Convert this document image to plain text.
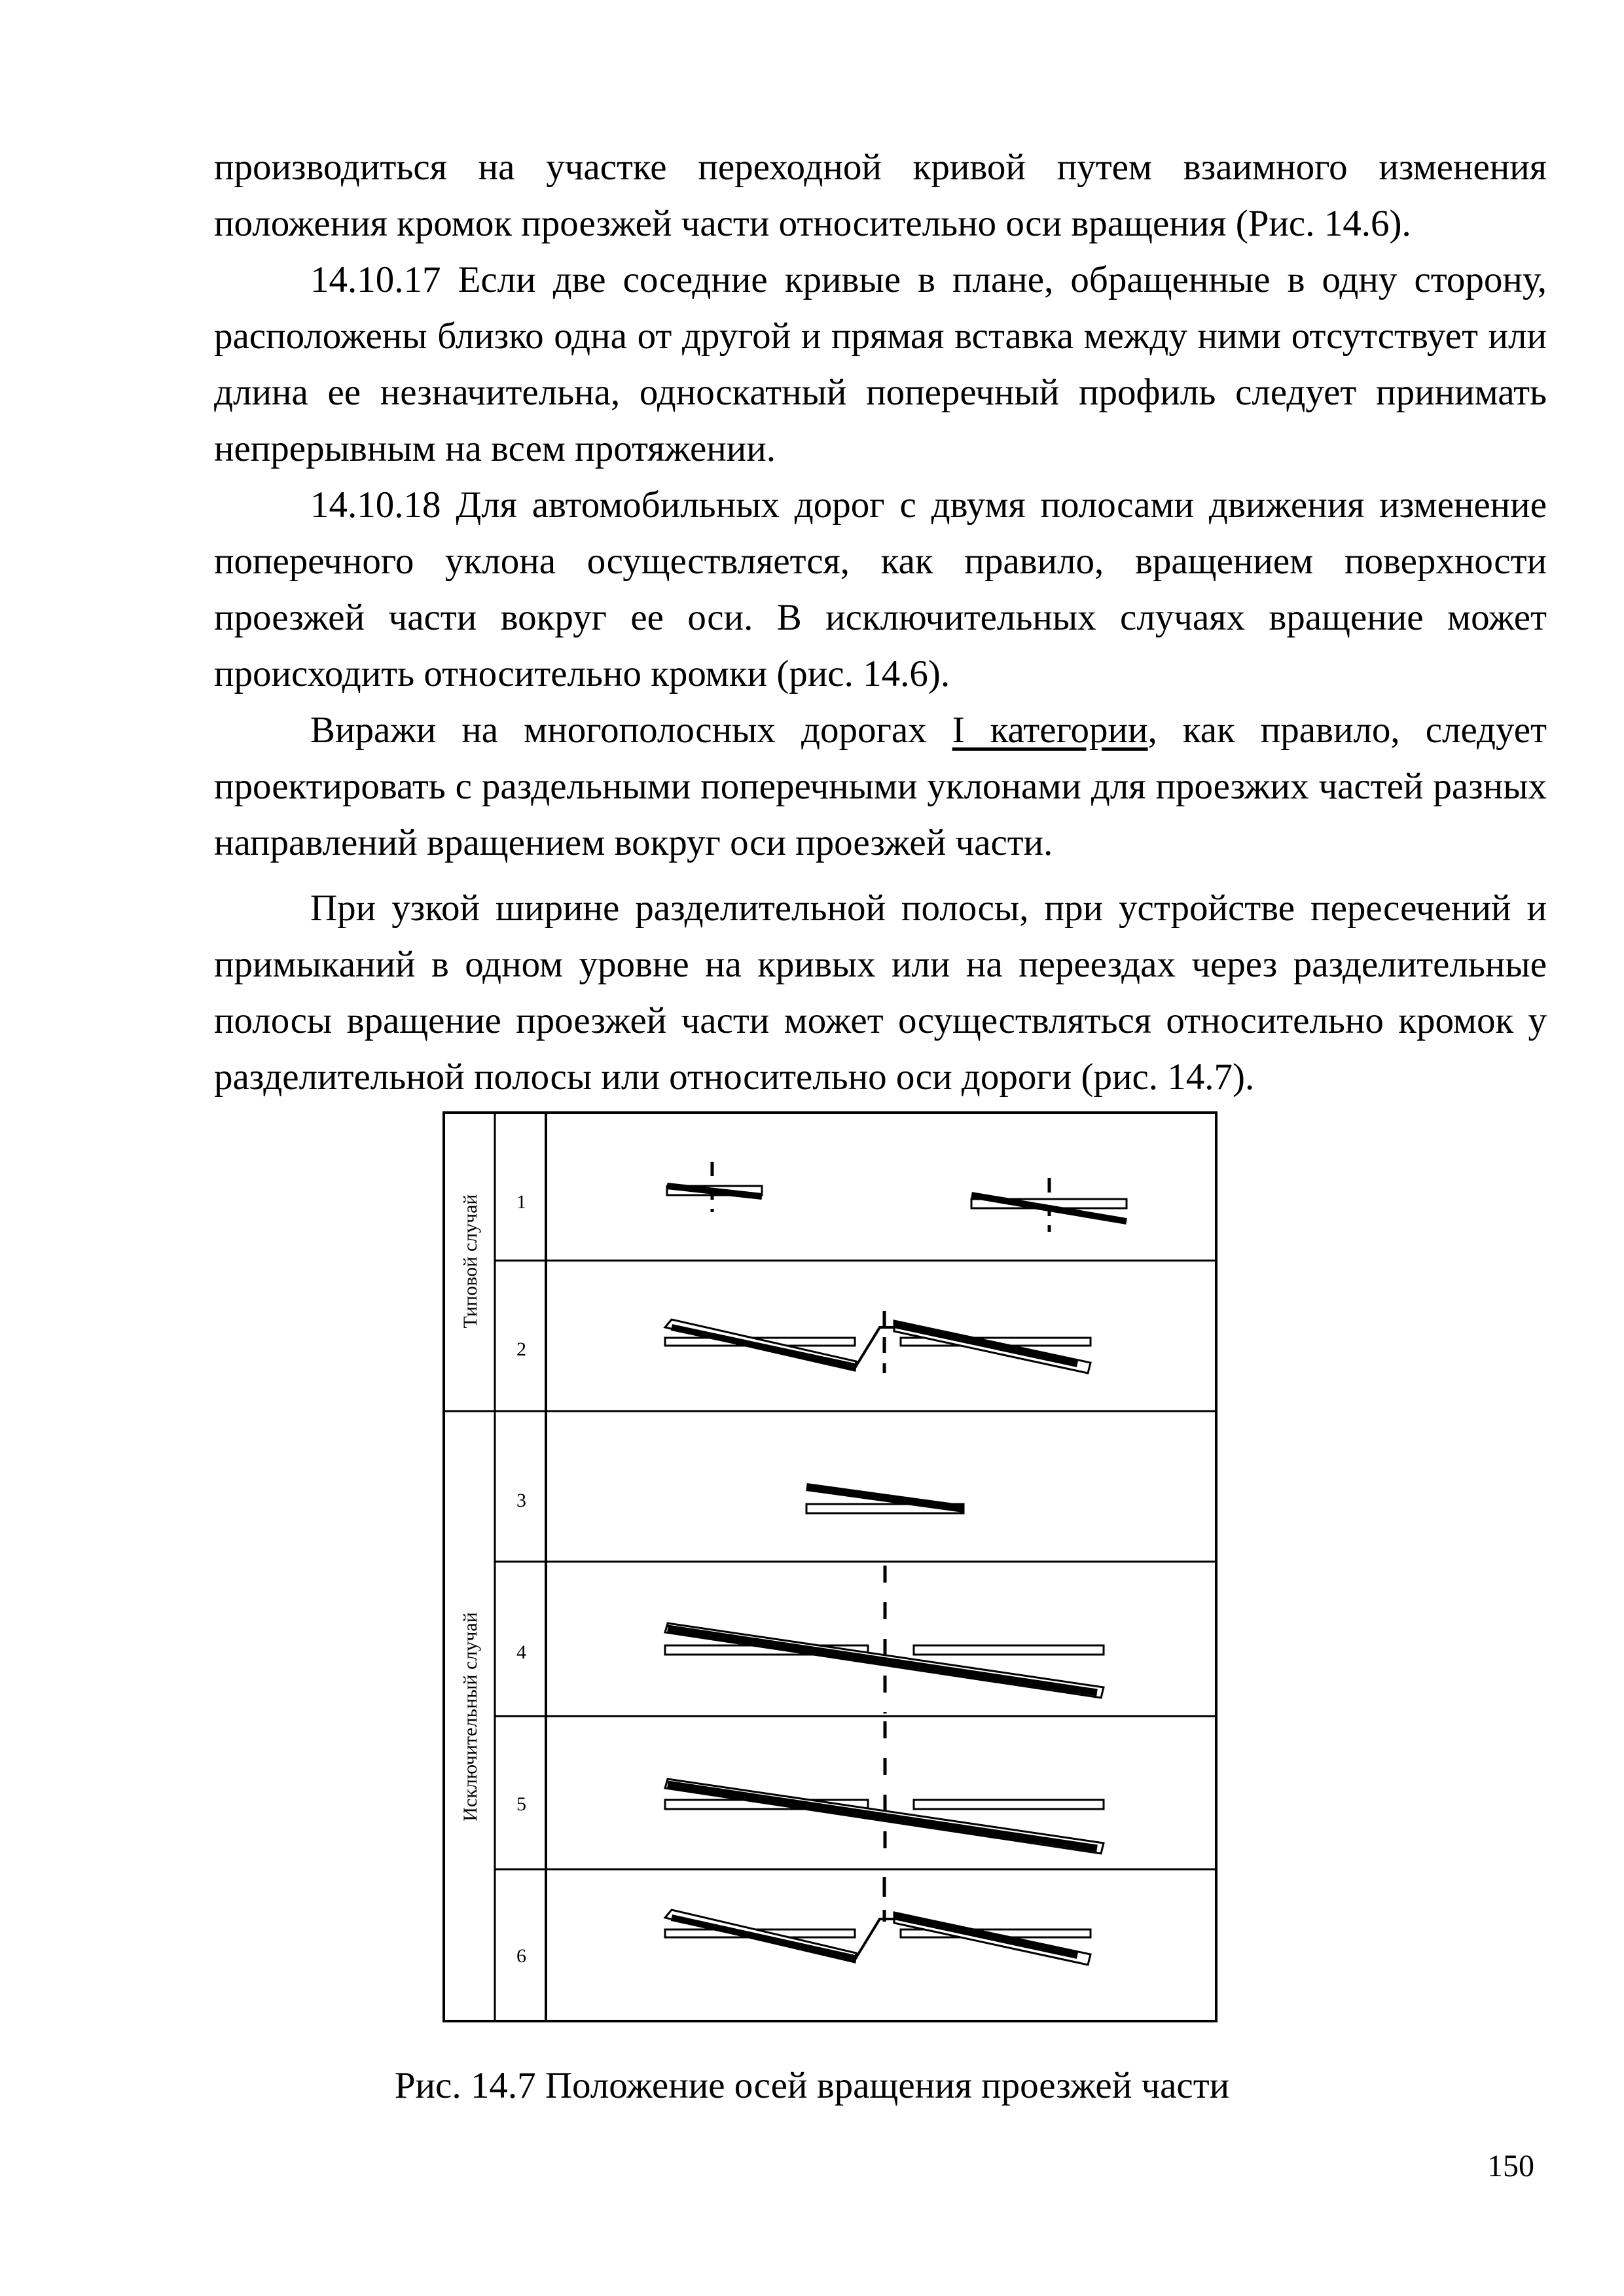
производиться на участке переходной кривой путем взаимного изменения положения кромок проезжей части относительно оси вращения (Рис. 14.6).
14.10.17 Если две соседние кривые в плане, обращенные в одну сторону, расположены близко одна от другой и прямая вставка между ними отсутствует или длина ее незначительна, односкатный поперечный профиль следует принимать непрерывным на всем протяжении.
14.10.18 Для автомобильных дорог с двумя полосами движения изменение поперечного уклона осуществляется, как правило, вращением поверхности проезжей части вокруг ее оси. В исключительных случаях вращение может происходить относительно кромки (рис. 14.6).
Виражи на многополосных дорогах I категории, как правило, следует проектировать с раздельными поперечными уклонами для проезжих частей разных направлений вращением вокруг оси проезжей части.
При узкой ширине разделительной полосы, при устройстве пересечений и примыканий в одном уровне на кривых или на переездах через разделительные полосы вращение проезжей части может осуществляться относительно кромок у разделительной полосы или относительно оси дороги (рис. 14.7).
Типовой случай
Исключительный случай
1
2
3
4
5
6
Рис. 14.7 Положение осей вращения проезжей части
150
